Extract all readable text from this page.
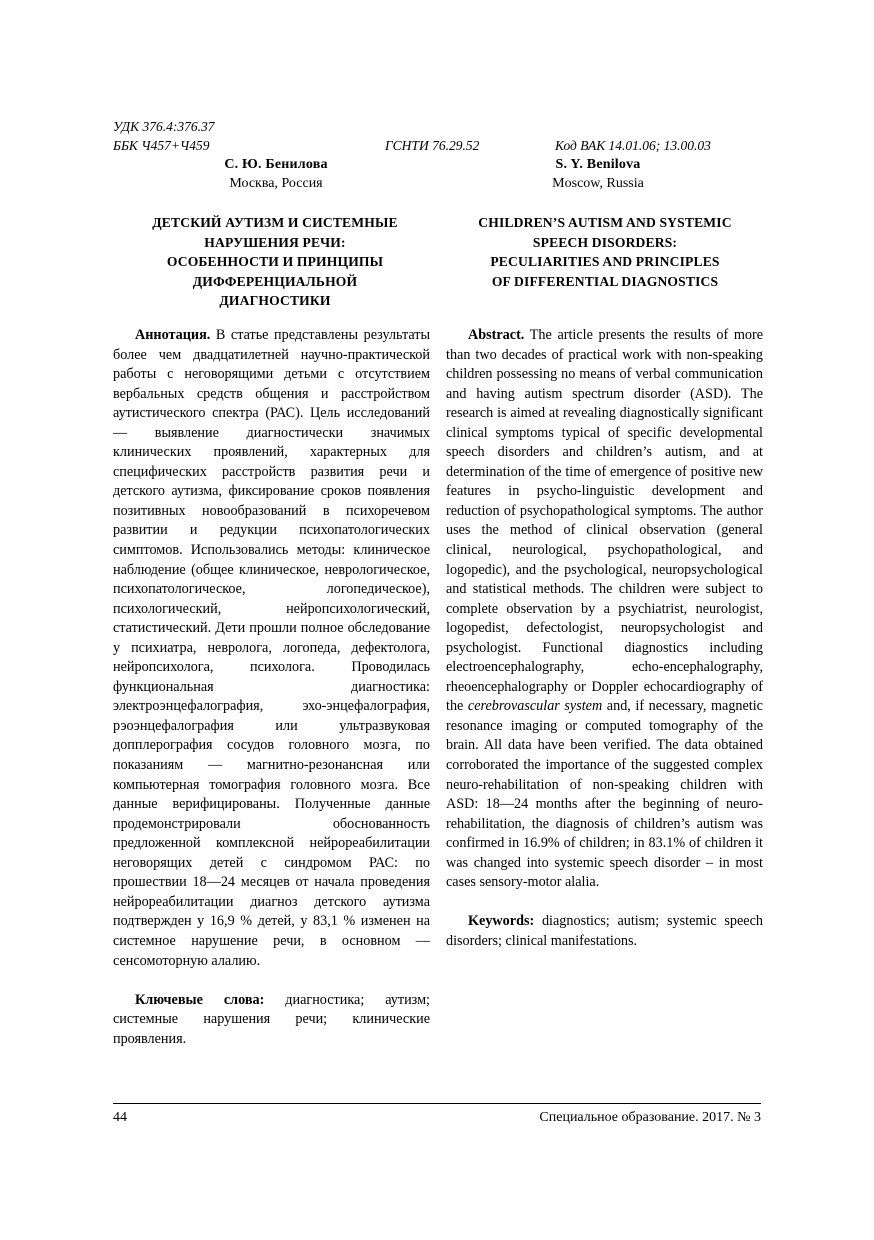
УДК 376.4:376.37
ББК Ч457+Ч459	ГСНТИ 76.29.52	Код ВАК 14.01.06; 13.00.03
С. Ю. Бенилова
Москва, Россия
S. Y. Benilova
Moscow, Russia
ДЕТСКИЙ АУТИЗМ И СИСТЕМНЫЕ
НАРУШЕНИЯ РЕЧИ:
ОСОБЕННОСТИ И ПРИНЦИПЫ
ДИФФЕРЕНЦИАЛЬНОЙ
ДИАГНОСТИКИ
CHILDREN’S AUTISM AND SYSTEMIC
SPEECH DISORDERS:
PECULIARITIES AND PRINCIPLES
OF DIFFERENTIAL DIAGNOSTICS

Аннотация. В статье представлены результаты более чем двадцатилетней научно-практической работы с неговорящими детьми с отсутствием вербальных средств общения и расстройством аутистического спектра (РАС). Цель исследований — выявление диагностически значимых клинических проявлений, характерных для специфических расстройств развития речи и детского аутизма, фиксирование сроков появления позитивных новообразований в психоречевом развитии и редукции психопатологических симптомов. Использовались методы: клиническое наблюдение (общее клиническое, неврологическое, психопатологическое, логопедическое), психологический, нейропсихологический, статистический. Дети прошли полное обследование у психиатра, невролога, логопеда, дефектолога, нейропсихолога, психолога. Проводилась функциональная диагностика: электроэнцефалография, эхо-энцефалография, рэоэнцефалография или ультразвуковая допплерография сосудов головного мозга, по показаниям — магнитно-резонансная или компьютерная томография головного мозга. Все данные верифицированы. Полученные данные продемонстрировали обоснованность предложенной комплексной нейрореабилитации неговорящих детей с синдромом РАС: по прошествии 18—24 месяцев от начала проведения нейрореабилитации диагноз детского аутизма подтвержден у 16,9 % детей, у 83,1 % изменен на системное нарушение речи, в основном — сенсомоторную алалию.

Ключевые слова: диагностика; аутизм; системные нарушения речи; клинические проявления.

Abstract. The article presents the results of more than two decades of practical work with non-speaking children possessing no means of verbal communication and having autism spectrum disorder (ASD). The research is aimed at revealing diagnostically significant clinical symptoms typical of specific developmental speech disorders and children’s autism, and at determination of the time of emergence of positive new features in psycho-linguistic development and reduction of psychopathological symptoms. The author uses the method of clinical observation (general clinical, neurological, psychopathological, and logopedic), and the psychological, neuropsychological and statistical methods. The children were subject to complete observation by a psychiatrist, neurologist, logopedist, defectologist, neuropsychologist and psychologist. Functional diagnostics including electroencephalography, echo-encephalography, rheoencephalography or Doppler echocardiography of the cerebrovascular system and, if necessary, magnetic resonance imaging or computed tomography of the brain. All data have been verified. The data obtained corroborated the importance of the suggested complex neuro-rehabilitation of non-speaking children with ASD: 18—24 months after the beginning of neuro-rehabilitation, the diagnosis of children’s autism was confirmed in 16.9% of children; in 83.1% of children it was changed into systemic speech disorder – in most cases sensory-motor alalia.

Keywords: diagnostics; autism; systemic speech disorders; clinical manifestations.

44	Специальное образование. 2017. № 3
